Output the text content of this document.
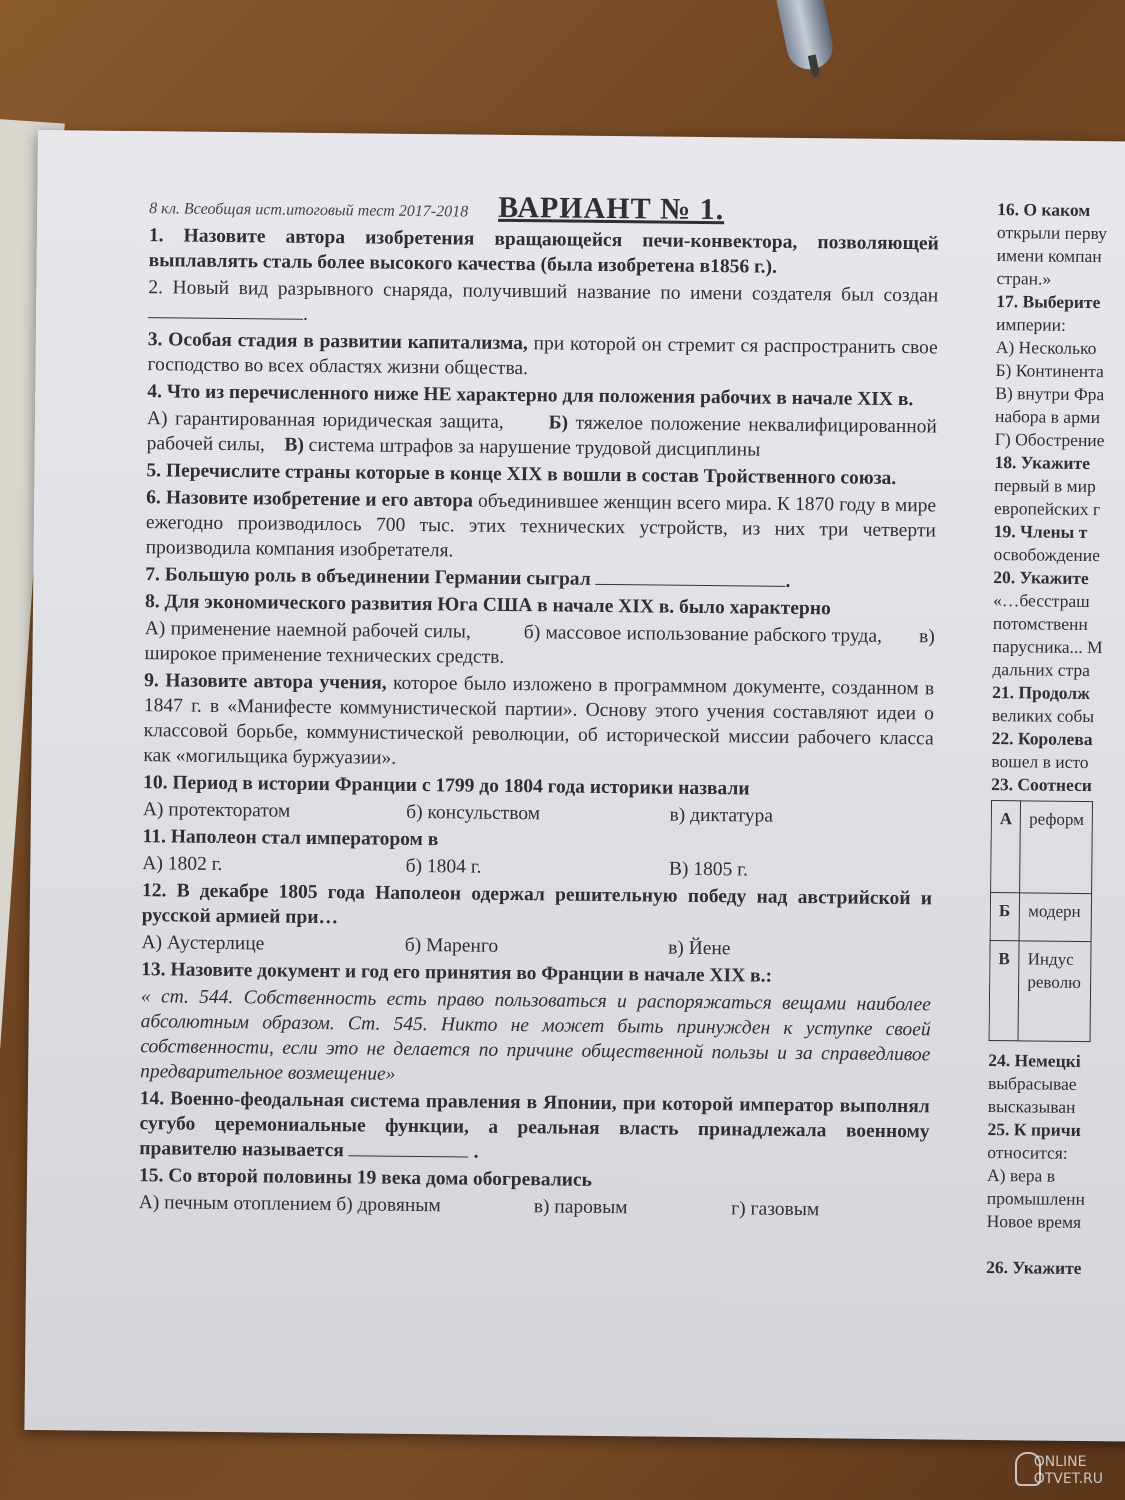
8 кл. Всеобщая ист.итоговый тест 2017-2018 ВАРИАНТ № 1.

1. Назовите автора изобретения вращающейся печи-конвектора, позволяющей выплавлять сталь более высокого качества (была изобретена в1856 г.).

2. Новый вид разрывного снаряда, получивший название по имени создателя был создан .

3. Особая стадия в развитии капитализма, при которой он стремит ся распространить свое господство во всех областях жизни общества.

4. Что из перечисленного ниже НЕ характерно для положения рабочих в начале XIX в.

А) гарантированная юридическая защита, Б) тяжелое положение неквалифицированной рабочей силы, В) система штрафов за нарушение трудовой дисциплины

5. Перечислите страны которые в конце XIX в вошли в состав Тройственного союза.

6. Назовите изобретение и его автора объединившее женщин всего мира. К 1870 году в мире ежегодно производилось 700 тыс. этих технических устройств, из них три четверти производила компания изобретателя.

7. Большую роль в объединении Германии сыграл	.

8. Для экономического развития Юга США в начале XIX в. было характерно

А) применение наемной рабочей силы,	б) массовое использование рабского труда, в) широкое применение технических средств.

9. Назовите автора учения, которое было изложено в программном документе, созданном в 1847 г. в «Манифесте коммунистической партии». Основу этого учения составляют идеи о классовой борьбе, коммунистической революции, об исторической миссии рабочего класса как «могильщика буржуазии».

10. Период в истории Франции с 1799 до 1804 года историки назвали

А) протекторатом	б) консульством	в) диктатура

11. Наполеон стал императором в

А) 1802 г.	б) 1804 г.	В) 1805 г.

12. В декабре 1805 года Наполеон одержал решительную победу над австрийской и русской армией при…

А) Аустерлице	б) Маренго	в) Йене

13. Назовите документ и год его принятия во Франции в начале XIX в.:

« ст. 544. Собственность есть право пользоваться и распоряжаться вещами наиболее абсолютным образом. Ст. 545. Никто не может быть принужден к уступке своей собственности, если это не делается по причине общественной пользы и за справедливое предварительное возмещение»

14. Военно-феодальная система правления в Японии, при которой император выполнял сугубо церемониальные функции, а реальная власть принадлежала военному правителю называется	.

15. Со второй половины 19 века дома обогревались

А) печным отоплением б) дровяным	в) паровым	г) газовым
16. О каком
открыли перву
имени компан
стран.»
17. Выберите
империи:
А) Несколько
Б) Континента
В) внутри Фра
набора в арми
Г) Обострение
18. Укажите
первый в мир
европейских г
19. Члены т
освобождение
20. Укажите
«…бесстраш
потомственн
парусника... М
дальних стра
21. Продолж
великих собы
22. Королева
вошел в исто
23. Соотнеси
А	реформ
Б	модерн
В	Индус
револю
24. Немецкі
выбрасывае
высказыван
25. К причи
относится:
А) вера в
промышленн
Новое время
26. Укажите
ONLINE
OTVET.RU
